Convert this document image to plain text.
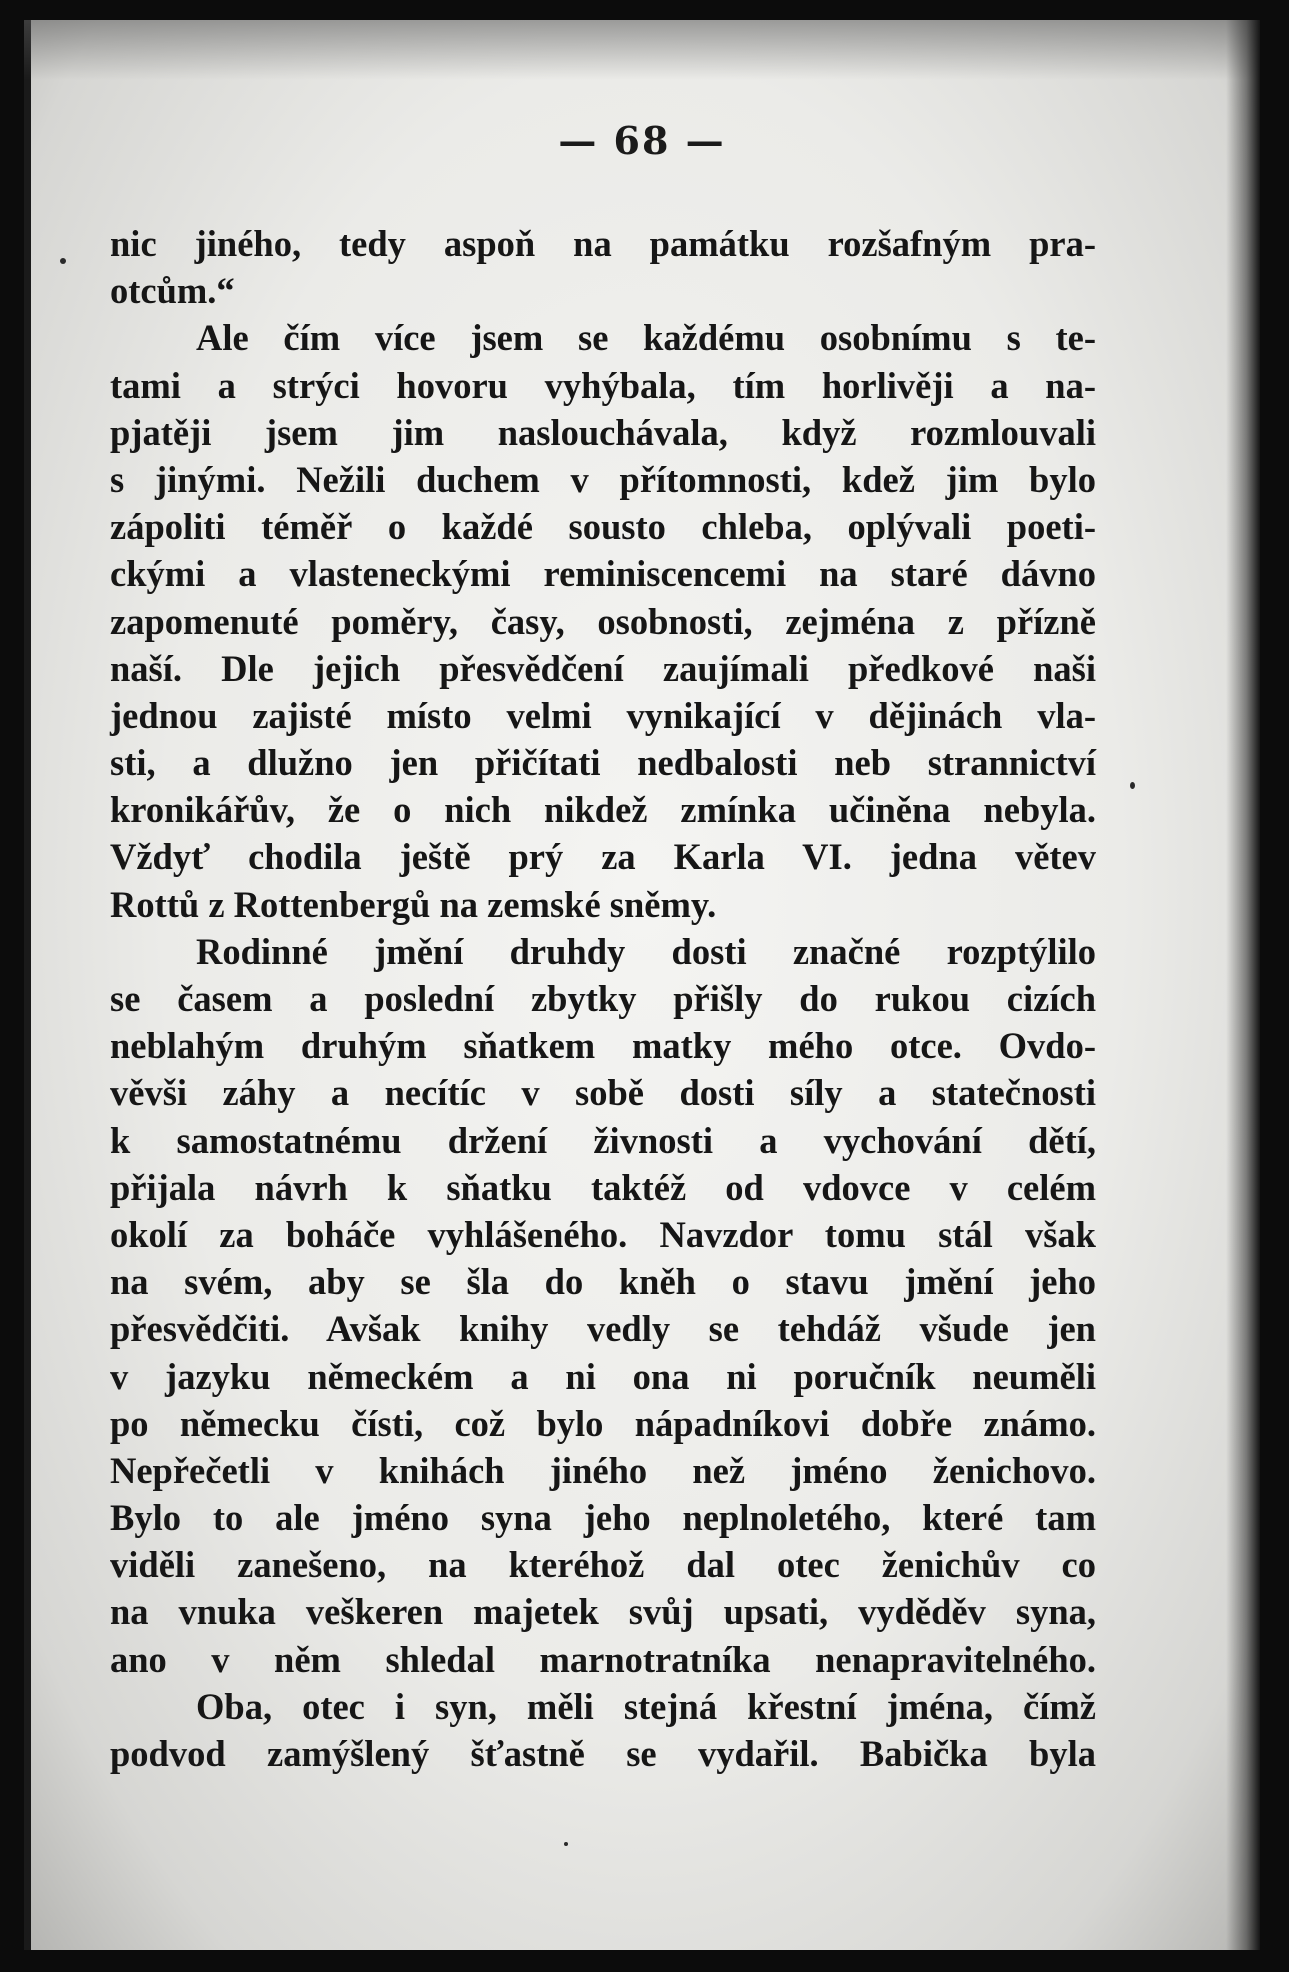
— 68 —
nic jiného, tedy aspoň na památku rozšafným pra-
otcům.“
Ale čím více jsem se každému osobnímu s te-
tami a strýci hovoru vyhýbala, tím horlivěji a na-
pjatěji jsem jim naslouchávala, když rozmlouvali
s jinými. Nežili duchem v přítomnosti, kdež jim bylo
zápoliti téměř o každé sousto chleba, oplývali poeti-
ckými a vlasteneckými reminiscencemi na staré dávno
zapomenuté poměry, časy, osobnosti, zejména z přízně
naší. Dle jejich přesvědčení zaujímali předkové naši
jednou zajisté místo velmi vynikající v dějinách vla-
sti, a dlužno jen přičítati nedbalosti neb strannictví
kronikářův, že o nich nikdež zmínka učiněna nebyla.
Vždyť chodila ještě prý za Karla VI. jedna větev
Rottů z Rottenbergů na zemské sněmy.
Rodinné jmění druhdy dosti značné rozptýlilo
se časem a poslední zbytky přišly do rukou cizích
neblahým druhým sňatkem matky mého otce. Ovdo-
věvši záhy a necítíc v sobě dosti síly a statečnosti
k samostatnému držení živnosti a vychování dětí,
přijala návrh k sňatku taktéž od vdovce v celém
okolí za boháče vyhlášeného. Navzdor tomu stál však
na svém, aby se šla do kněh o stavu jmění jeho
přesvědčiti. Avšak knihy vedly se tehdáž všude jen
v jazyku německém a ni ona ni poručník neuměli
po německu čísti, což bylo nápadníkovi dobře známo.
Nepřečetli v knihách jiného než jméno ženichovo.
Bylo to ale jméno syna jeho neplnoletého, které tam
viděli zanešeno, na kteréhož dal otec ženichův co
na vnuka veškeren majetek svůj upsati, vyděděv syna,
ano v něm shledal marnotratníka nenapravitelného.
Oba, otec i syn, měli stejná křestní jména, čímž
podvod zamýšlený šťastně se vydařil. Babička byla
